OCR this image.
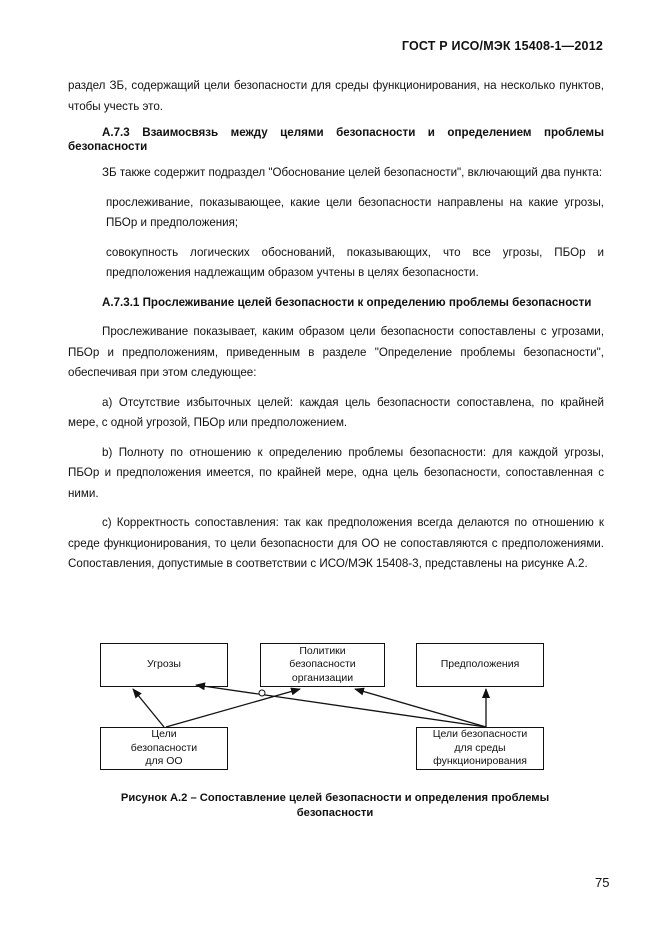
ГОСТ Р ИСО/МЭК 15408-1—2012

раздел ЗБ, содержащий цели безопасности для среды функционирования, на несколько пунктов, чтобы учесть это.

А.7.3 Взаимосвязь между целями безопасности и определением проблемы безопасности

ЗБ также содержит подраздел "Обоснование целей безопасности", включающий два пункта:

прослеживание, показывающее, какие цели безопасности направлены на какие угрозы, ПБОр и предположения;

совокупность логических обоснований, показывающих, что все угрозы, ПБОр и предположения надлежащим образом учтены в целях безопасности.

А.7.3.1 Прослеживание целей безопасности к определению проблемы безопасности

Прослеживание показывает, каким образом цели безопасности сопоставлены с угрозами, ПБОр и предположениям, приведенным в разделе "Определение проблемы безопасности", обеспечивая при этом следующее:

а) Отсутствие избыточных целей: каждая цель безопасности сопоставлена, по крайней мере, с одной угрозой, ПБОр или предположением.

b) Полноту по отношению к определению проблемы безопасности: для каждой угрозы, ПБОр и предположения имеется, по крайней мере, одна цель безопасности, сопоставленная с ними.

с) Корректность сопоставления: так как предположения всегда делаются по отношению к среде функционирования, то цели безопасности для ОО не сопоставляются с предположениями. Сопоставления, допустимые в соответствии с ИСО/МЭК 15408-3, представлены на рисунке А.2.

Угрозы
Политики безопасности организации
Предположения
Цели безопасности для ОО
Цели безопасности для среды функционирования
Рисунок А.2 – Сопоставление целей безопасности и определения проблемы безопасности
75
